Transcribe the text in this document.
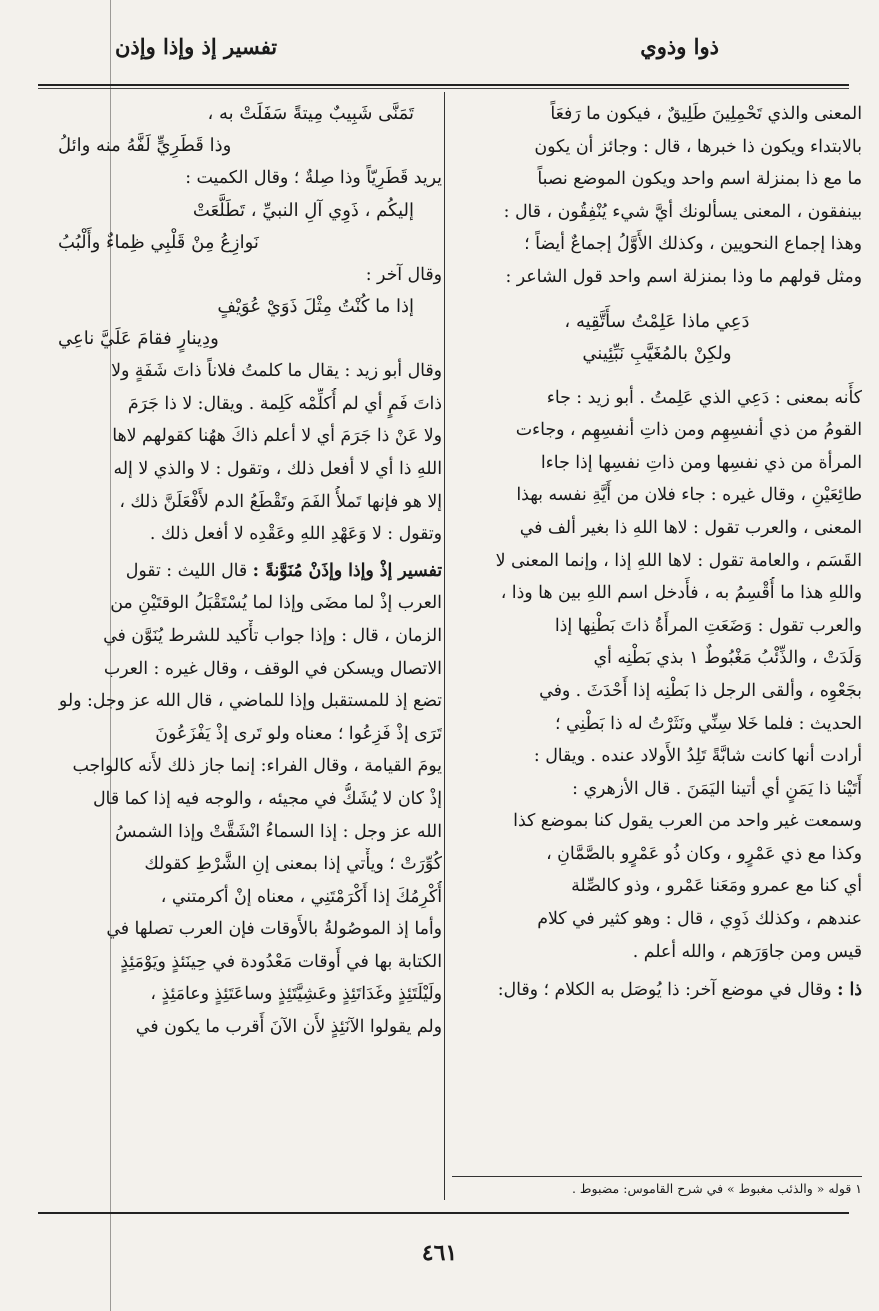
ذوا وذوي
تفسير إذ وإذا وإذن
المعنى والذي تَحْمِلِينَ طَلِيقٌ ، فيكون ما رَفعَاً
بالابتداء ويكون ذا خبرها ، قال : وجائز أن يكون
ما مع ذا بمنزلة اسم واحد ويكون الموضع نصباً
بينفقون ، المعنى يسألونك أيَّ شيء يُنْفِقُون ، قال :
وهذا إجماع النحويين ، وكذلك الأَوَّلُ إجماعٌ أيضاً ؛
ومثل قولهم ما وذا بمنزلة اسم واحد قول الشاعر :
دَعِي ماذا عَلِمْتُ سأَتَّقِيه ،
ولكِنْ بالمُغَيَّبِ نَبِّئِيني
كأَنه بمعنى : دَعِي الذي عَلِمتُ . أبو زيد : جاء
القومُ من ذي أنفسِهِم ومن ذاتِ أنفسِهِم ، وجاءت
المرأة من ذي نفسِها ومن ذاتِ نفسِها إذا جاءا
طائِعَيْنِ ، وقال غيره : جاء فلان من أَيَّةِ نفسه بهذا
المعنى ، والعرب تقول : لاها اللهِ ذا بغير ألف في
القَسَم ، والعامة تقول : لاها اللهِ إذا ، وإنما المعنى لا
واللهِ هذا ما أُقْسِمُ به ، فأَدخل اسم اللهِ بين ها وذا ،
والعرب تقول : وَضَعَتِ المرأَةُ ذاتَ بَطْنِها إذا
وَلَدَتْ ، والذِّئْبُ مَغْبُوطٌ ١ بذي بَطْنِه أي
بجَعْوِه ، وألقى الرجل ذا بَطْنِه إذا أَحْدَثَ . وفي
الحديث : فلما خَلا سِنِّي ونَثَرْتُ له ذا بَطْنِي ؛
أرادت أنها كانت شابَّةً تَلِدُ الأَولاد عنده . ويقال :
أَتَيْنا ذا يَمَنٍ أي أتينا اليَمَنَ . قال الأزهري :
وسمعت غير واحد من العرب يقول كنا بموضع كذا
وكذا مع ذي عَمْرٍو ، وكان ذُو عَمْرٍو بالصَّمَّانِ ،
أي كنا مع عمرو ومَعَنا عَمْرو ، وذو كالصِّلة
عندهم ، وكذلك ذَوِي ، قال : وهو كثير في كلام
قيس ومن جاوَرَهم ، والله أعلم .
ذا : وقال في موضع آخر: ذا يُوصَل به الكلام ؛ وقال:
تَمَنَّى شَبِيبٌ مِيتةً سَفَلَتْ به ،
وذا قَطَرِيٍّ لَفَّهُ منه وائلُ
يريد قَطَرِيّاً وذا صِلةٌ ؛ وقال الكميت :
إليكُم ، ذَوِي آلِ النبيِّ ، تَطَلَّعَتْ
نَوازِعُ مِنْ قَلْبِي ظِماءٌ وأَلْبُبُ
وقال آخر :
إذا ما كُنْتُ مِثْلَ ذَوَيْ عُوَيْفٍ
ودِينارٍ فقامَ عَلَيَّ ناعِي
وقال أبو زيد : يقال ما كلمتُ فلاناً ذاتَ شَفَةٍ ولا
ذاتَ فَمٍ أي لم أُكلِّمْه كَلِمة . ويقال: لا ذا جَرَمَ
ولا عَنْ ذا جَرَمَ أي لا أعلم ذاكَ ههُنا كقولهم لاها
اللهِ ذا أي لا أفعل ذلك ، وتقول : لا والذي لا إله
إلا هو فإنها تَملأُ الفَمَ وتَقْطَعُ الدم لأَفْعَلَنَّ ذلك ،
وتقول : لا وَعَهْدِ اللهِ وعَقْدِه لا أفعل ذلك .
تفسير إذْ وإذا وإذَنْ مُنَوَّنةً : قال الليث : تقول
العرب إذْ لما مضَى وإذا لما يُسْتَقْبَلُ الوقتَيْنِ من
الزمان ، قال : وإذا جواب تأْكيد للشرط يُنَوَّن في
الاتصال ويسكن في الوقف ، وقال غيره : العرب
تضع إذ للمستقبل وإذا للماضي ، قال الله عز وجل: ولو
تَرَى إذْ فَزِعُوا ؛ معناه ولو تَرى إذْ يَفْزَعُونَ
يومَ القيامة ، وقال الفراء: إنما جاز ذلك لأَنه كالواجب
إذْ كان لا يُشَكُّ في مجيئه ، والوجه فيه إذا كما قال
الله عز وجل : إذا السماءُ انْشَقَّتْ وإذا الشمسُ
كُوِّرَتْ ؛ ويأْتي إذا بمعنى إنِ الشَّرْطِ كقولك
أُكْرِمُكَ إذا أَكْرَمْتَنِي ، معناه إنْ أكرمتني ،
وأما إذ الموصُولةُ بالأَوقات فإن العرب تصلها في
الكتابة بها في أَوقات مَعْدُودة في حِينَئذٍ ويَوْمَئِذٍ
ولَيْلَتَئِذٍ وغَدَاتَئِذٍ وعَشِيَّتَئِذٍ وساعَتَئِذٍ وعامَئِذٍ ،
ولم يقولوا الآنَئِذٍ لأَن الآنَ أَقرب ما يكون في
١ قوله « والذئب مغبوط » في شرح القاموس: مضبوط .
٤٦١
